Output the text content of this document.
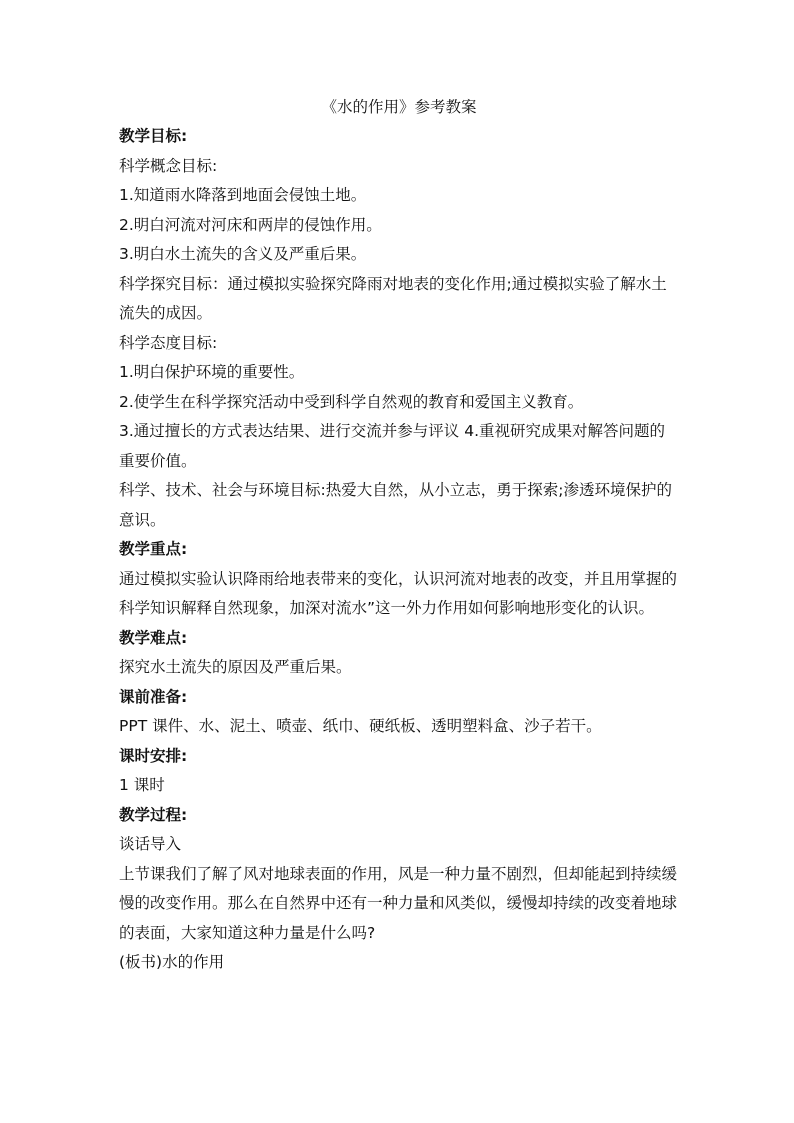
《水的作用》参考教案

教学目标:

科学概念目标:

1.知道雨水降落到地面会侵蚀土地。

2.明白河流对河床和两岸的侵蚀作用。

3.明白水土流失的含义及严重后果。

科学探究目标：通过模拟实验探究降雨对地表的变化作用;通过模拟实验了解水土流失的成因。

科学态度目标:

1.明白保护环境的重要性。

2.使学生在科学探究活动中受到科学自然观的教育和爱国主义教育。

3.通过擅长的方式表达结果、进行交流并参与评议 4.重视研究成果对解答问题的重要价值。

科学、技术、社会与环境目标:热爱大自然，从小立志，勇于探索;渗透环境保护的意识。

教学重点:

通过模拟实验认识降雨给地表带来的变化，认识河流对地表的改变，并且用掌握的科学知识解释自然现象，加深对流水”这一外力作用如何影响地形变化的认识。

教学难点:

探究水土流失的原因及严重后果。

课前准备:

PPT 课件、水、泥土、喷壶、纸巾、硬纸板、透明塑料盒、沙子若干。

课时安排:

1 课时

教学过程:

谈话导入

上节课我们了解了风对地球表面的作用，风是一种力量不剧烈，但却能起到持续缓慢的改变作用。那么在自然界中还有一种力量和风类似，缓慢却持续的改变着地球的表面，大家知道这种力量是什么吗?

(板书)水的作用
